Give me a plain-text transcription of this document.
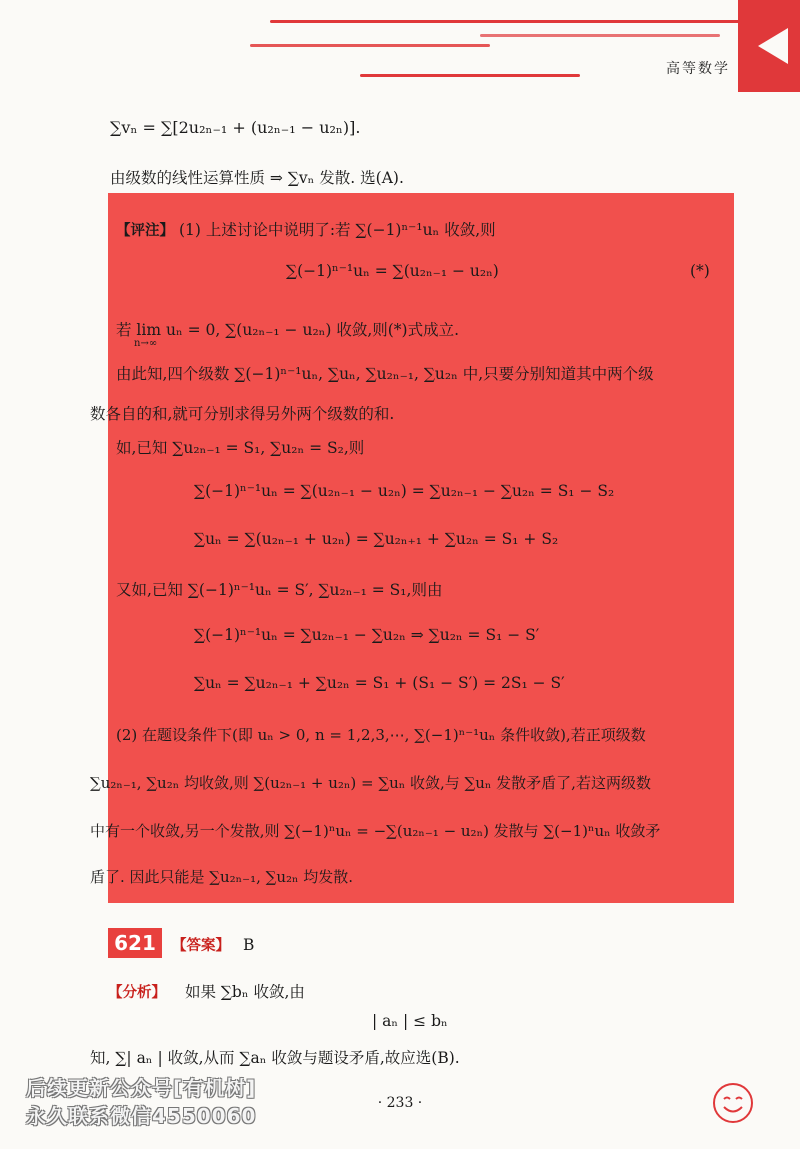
高等数学
∑vₙ = ∑[2u₂ₙ₋₁ + (u₂ₙ₋₁ − u₂ₙ)].
由级数的线性运算性质 ⇒ ∑vₙ 发散. 选(A).
【评注】 (1) 上述讨论中说明了:若 ∑(−1)ⁿ⁻¹uₙ 收敛,则
∑(−1)ⁿ⁻¹uₙ = ∑(u₂ₙ₋₁ − u₂ₙ)	(*)
若 lim uₙ = 0, ∑(u₂ₙ₋₁ − u₂ₙ) 收敛,则(*)式成立.
n→∞
由此知,四个级数 ∑(−1)ⁿ⁻¹uₙ, ∑uₙ, ∑u₂ₙ₋₁, ∑u₂ₙ 中,只要分别知道其中两个级
数各自的和,就可分别求得另外两个级数的和.
如,已知 ∑u₂ₙ₋₁ = S₁, ∑u₂ₙ = S₂,则
∑(−1)ⁿ⁻¹uₙ = ∑(u₂ₙ₋₁ − u₂ₙ) = ∑u₂ₙ₋₁ − ∑u₂ₙ = S₁ − S₂
∑uₙ = ∑(u₂ₙ₋₁ + u₂ₙ) = ∑u₂ₙ₊₁ + ∑u₂ₙ = S₁ + S₂
又如,已知 ∑(−1)ⁿ⁻¹uₙ = S′, ∑u₂ₙ₋₁ = S₁,则由
∑(−1)ⁿ⁻¹uₙ = ∑u₂ₙ₋₁ − ∑u₂ₙ ⇒ ∑u₂ₙ = S₁ − S′
∑uₙ = ∑u₂ₙ₋₁ + ∑u₂ₙ = S₁ + (S₁ − S′) = 2S₁ − S′
(2) 在题设条件下(即 uₙ > 0, n = 1,2,3,⋯, ∑(−1)ⁿ⁻¹uₙ 条件收敛),若正项级数
∑u₂ₙ₋₁, ∑u₂ₙ 均收敛,则 ∑(u₂ₙ₋₁ + u₂ₙ) = ∑uₙ 收敛,与 ∑uₙ 发散矛盾了,若这两级数
中有一个收敛,另一个发散,则 ∑(−1)ⁿuₙ = −∑(u₂ₙ₋₁ − u₂ₙ) 发散与 ∑(−1)ⁿuₙ 收敛矛
盾了. 因此只能是 ∑u₂ₙ₋₁, ∑u₂ₙ 均发散.
621	【答案】 B
【分析】 如果 ∑bₙ 收敛,由
| aₙ | ≤ bₙ
知, ∑| aₙ | 收敛,从而 ∑aₙ 收敛与题设矛盾,故应选(B).
· 233 ·
后续更新公众号[有机树]
永久联系微信4550060
